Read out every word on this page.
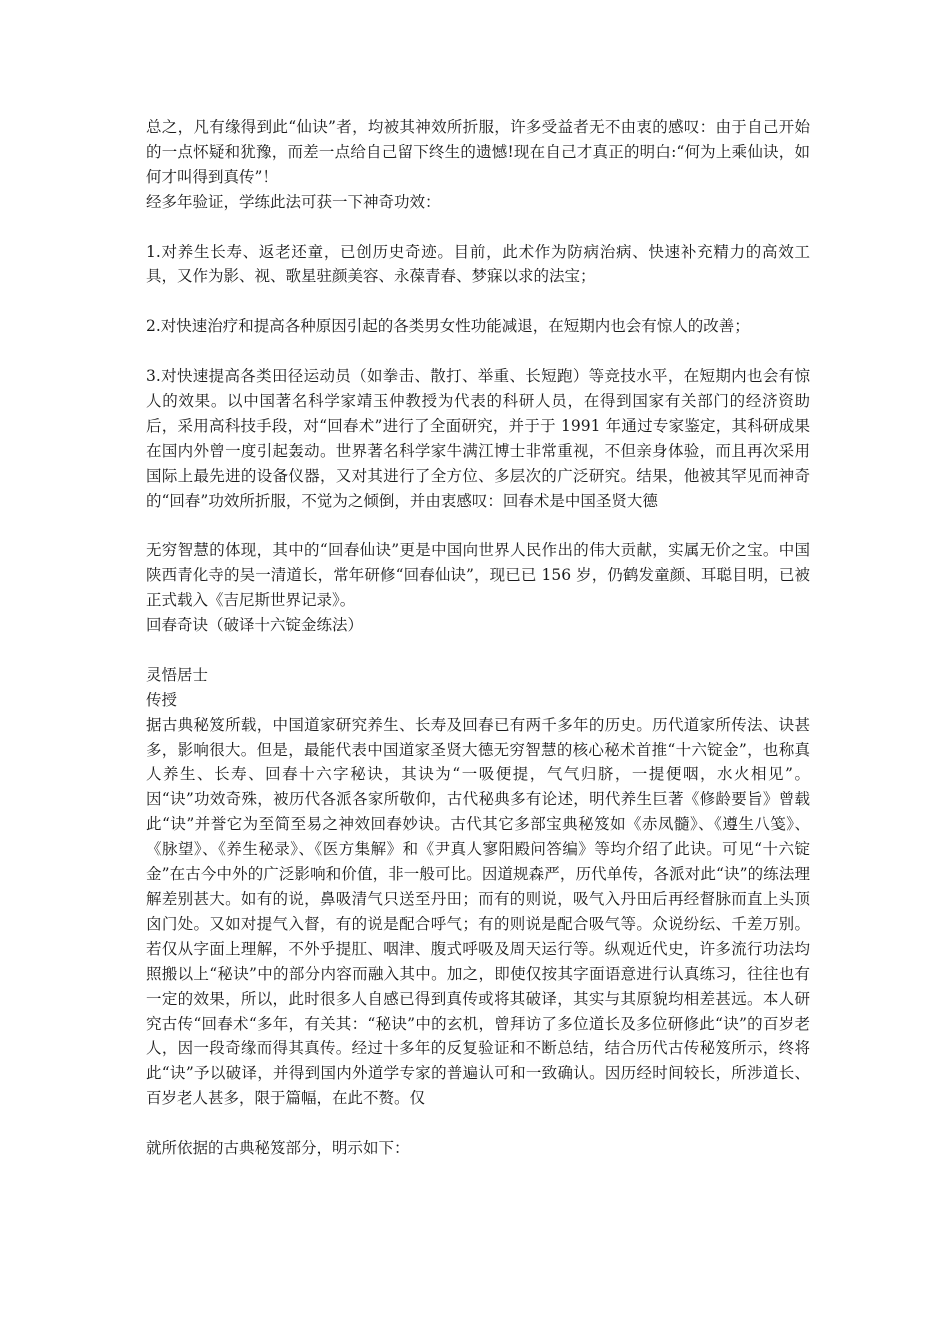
总之，凡有缘得到此“仙诀”者，均被其神效所折服，许多受益者无不由衷的感叹：由于自己开始的一点怀疑和犹豫，而差一点给自己留下终生的遗憾!现在自己才真正的明白:“何为上乘仙诀，如何才叫得到真传”！

经多年验证，学练此法可获一下神奇功效：

1.对养生长寿、返老还童，已创历史奇迹。目前，此术作为防病治病、快速补充精力的高效工具，又作为影、视、歌星驻颜美容、永葆青春、梦寐以求的法宝；

2.对快速治疗和提高各种原因引起的各类男女性功能减退，在短期内也会有惊人的改善；

3.对快速提高各类田径运动员（如拳击、散打、举重、长短跑）等竞技水平，在短期内也会有惊人的效果。以中国著名科学家靖玉仲教授为代表的科研人员，在得到国家有关部门的经济资助后，采用高科技手段，对“回春术”进行了全面研究，并于于 1991 年通过专家鉴定，其科研成果在国内外曾一度引起轰动。世界著名科学家牛满江博士非常重视，不但亲身体验，而且再次采用国际上最先进的设备仪器，又对其进行了全方位、多层次的广泛研究。结果，他被其罕见而神奇的“回春”功效所折服，不觉为之倾倒，并由衷感叹：回春术是中国圣贤大德

无穷智慧的体现，其中的“回春仙诀”更是中国向世界人民作出的伟大贡献，实属无价之宝。中国陕西青化寺的吴一清道长，常年研修“回春仙诀”，现已已 156 岁，仍鹤发童颜、耳聪目明，已被正式载入《吉尼斯世界记录》。

回春奇诀（破译十六锭金练法）

灵悟居士

传授

据古典秘笈所载，中国道家研究养生、长寿及回春已有两千多年的历史。历代道家所传法、诀甚多，影响很大。但是，最能代表中国道家圣贤大德无穷智慧的核心秘术首推“十六锭金”，也称真人养生、长寿、回春十六字秘诀，其诀为“一吸便提，气气归脐，一提便咽，水火相见”。因“诀”功效奇殊，被历代各派各家所敬仰，古代秘典多有论述，明代养生巨著《修龄要旨》曾载此“诀”并誉它为至简至易之神效回春妙诀。古代其它多部宝典秘笈如《赤凤髓》、《遵生八笺》、《脉望》、《养生秘录》、《医方集解》和《尹真人寥阳殿问答编》等均介绍了此诀。可见“十六锭金”在古今中外的广泛影响和价值，非一般可比。因道规森严，历代单传，各派对此“诀”的练法理解差别甚大。如有的说，鼻吸清气只送至丹田；而有的则说，吸气入丹田后再经督脉而直上头顶囟门处。又如对提气入督，有的说是配合呼气；有的则说是配合吸气等。众说纷纭、千差万别。若仅从字面上理解，不外乎提肛、咽津、腹式呼吸及周天运行等。纵观近代史，许多流行功法均照搬以上“秘诀”中的部分内容而融入其中。加之，即使仅按其字面语意进行认真练习，往往也有一定的效果，所以，此时很多人自感已得到真传或将其破译，其实与其原貌均相差甚远。本人研究古传“回春术“多年，有关其：“秘诀”中的玄机，曾拜访了多位道长及多位研修此“诀”的百岁老人，因一段奇缘而得其真传。经过十多年的反复验证和不断总结，结合历代古传秘笈所示，终将此“诀”予以破译，并得到国内外道学专家的普遍认可和一致确认。因历经时间较长，所涉道长、百岁老人甚多，限于篇幅，在此不赘。仅

就所依据的古典秘笈部分，明示如下：
